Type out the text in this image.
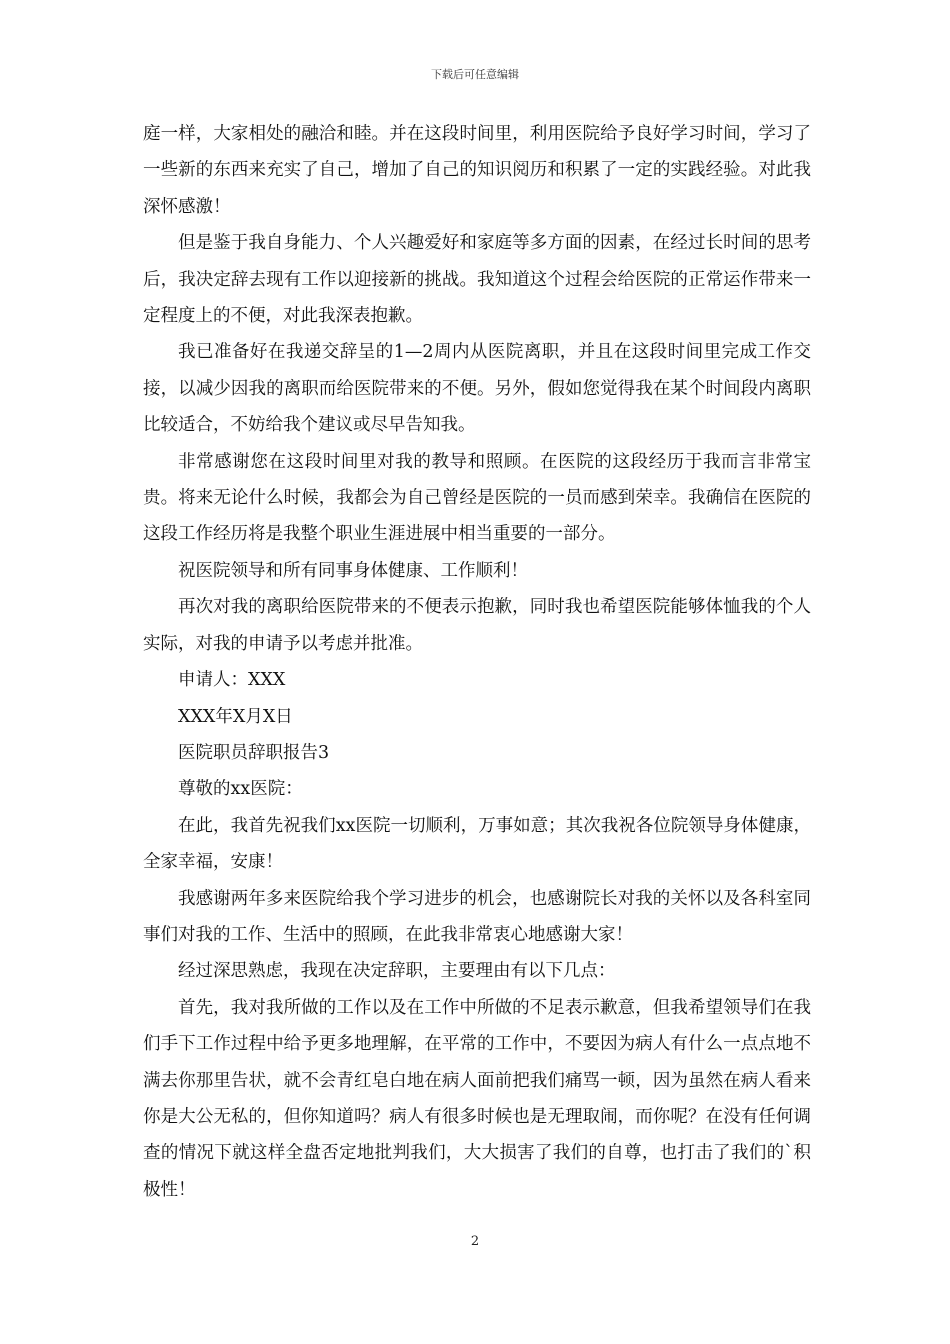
下载后可任意编辑

庭一样，大家相处的融洽和睦。并在这段时间里，利用医院给予良好学习时间，学习了一些新的东西来充实了自己，增加了自己的知识阅历和积累了一定的实践经验。对此我深怀感激！

但是鉴于我自身能力、个人兴趣爱好和家庭等多方面的因素，在经过长时间的思考后，我决定辞去现有工作以迎接新的挑战。我知道这个过程会给医院的正常运作带来一定程度上的不便，对此我深表抱歉。

我已准备好在我递交辞呈的1—2周内从医院离职，并且在这段时间里完成工作交接，以减少因我的离职而给医院带来的不便。另外，假如您觉得我在某个时间段内离职比较适合，不妨给我个建议或尽早告知我。

非常感谢您在这段时间里对我的教导和照顾。在医院的这段经历于我而言非常宝贵。将来无论什么时候，我都会为自己曾经是医院的一员而感到荣幸。我确信在医院的这段工作经历将是我整个职业生涯进展中相当重要的一部分。

祝医院领导和所有同事身体健康、工作顺利！

再次对我的离职给医院带来的不便表示抱歉，同时我也希望医院能够体恤我的个人实际，对我的申请予以考虑并批准。

申请人：XXX

XXX年X月X日

医院职员辞职报告3

尊敬的xx医院：

在此，我首先祝我们xx医院一切顺利，万事如意；其次我祝各位院领导身体健康，全家幸福，安康！

我感谢两年多来医院给我个学习进步的机会，也感谢院长对我的关怀以及各科室同事们对我的工作、生活中的照顾，在此我非常衷心地感谢大家！

经过深思熟虑，我现在决定辞职，主要理由有以下几点：

首先，我对我所做的工作以及在工作中所做的不足表示歉意，但我希望领导们在我们手下工作过程中给予更多地理解，在平常的工作中，不要因为病人有什么一点点地不满去你那里告状，就不会青红皂白地在病人面前把我们痛骂一顿，因为虽然在病人看来你是大公无私的，但你知道吗？病人有很多时候也是无理取闹，而你呢？在没有任何调查的情况下就这样全盘否定地批判我们，大大损害了我们的自尊，也打击了我们的`积极性！

2
